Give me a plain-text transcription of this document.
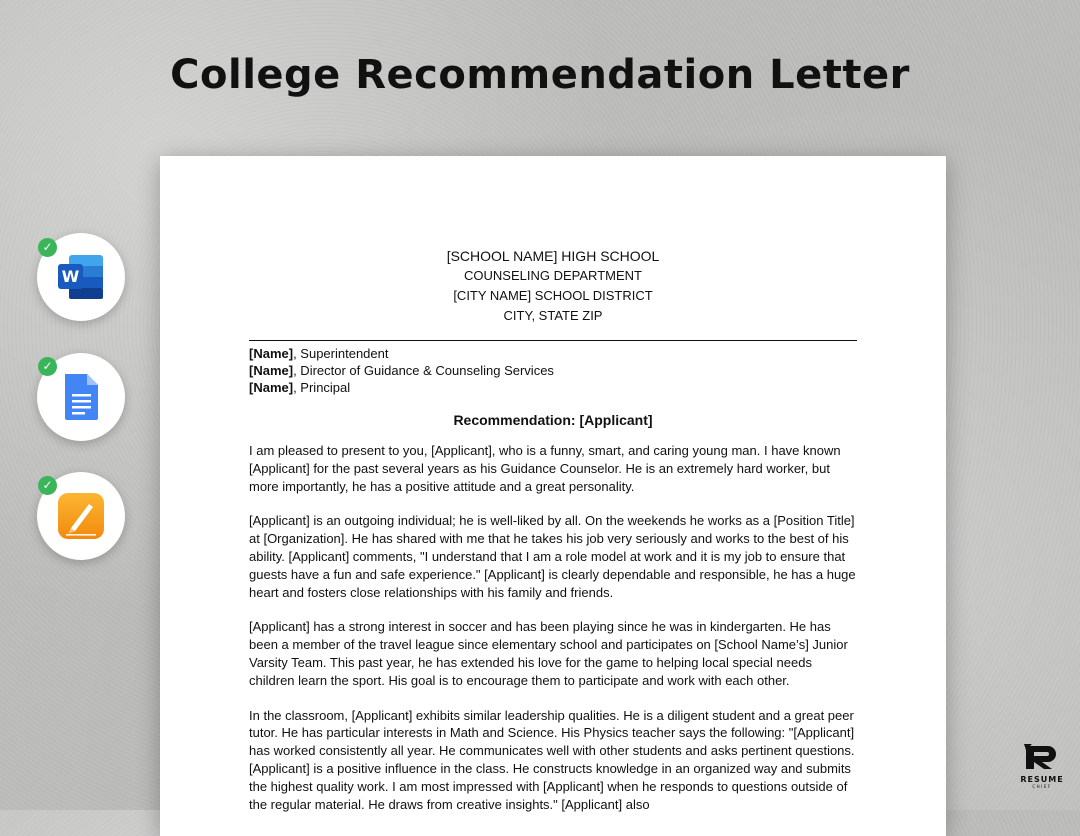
College Recommendation Letter
W
✓
✓
✓
[SCHOOL NAME] HIGH SCHOOL
COUNSELING DEPARTMENT
[CITY NAME] SCHOOL DISTRICT
CITY, STATE ZIP
[Name], Superintendent
[Name], Director of Guidance & Counseling Services
[Name], Principal
Recommendation: [Applicant]

I am pleased to present to you, [Applicant], who is a funny, smart, and caring young man. I have known [Applicant] for the past several years as his Guidance Counselor. He is an extremely hard worker, but more importantly, he has a positive attitude and a great personality.

[Applicant] is an outgoing individual; he is well-liked by all. On the weekends he works as a [Position Title] at [Organization]. He has shared with me that he takes his job very seriously and works to the best of his ability. [Applicant] comments, "I understand that I am a role model at work and it is my job to ensure that guests have a fun and safe experience." [Applicant] is clearly dependable and responsible, he has a huge heart and fosters close relationships with his family and friends.

[Applicant] has a strong interest in soccer and has been playing since he was in kindergarten. He has been a member of the travel league since elementary school and participates on [School Name’s] Junior Varsity Team. This past year, he has extended his love for the game to helping local special needs children learn the sport. His goal is to encourage them to participate and work with each other.

In the classroom, [Applicant] exhibits similar leadership qualities. He is a diligent student and a great peer tutor. He has particular interests in Math and Science. His Physics teacher says the following: "[Applicant] has worked consistently all year. He communicates well with other students and asks pertinent questions. [Applicant] is a positive influence in the class. He constructs knowledge in an organized way and submits the highest quality work. I am most impressed with [Applicant] when he responds to questions outside of the regular material. He draws from creative insights." [Applicant] also

RESUME
CHIEF
